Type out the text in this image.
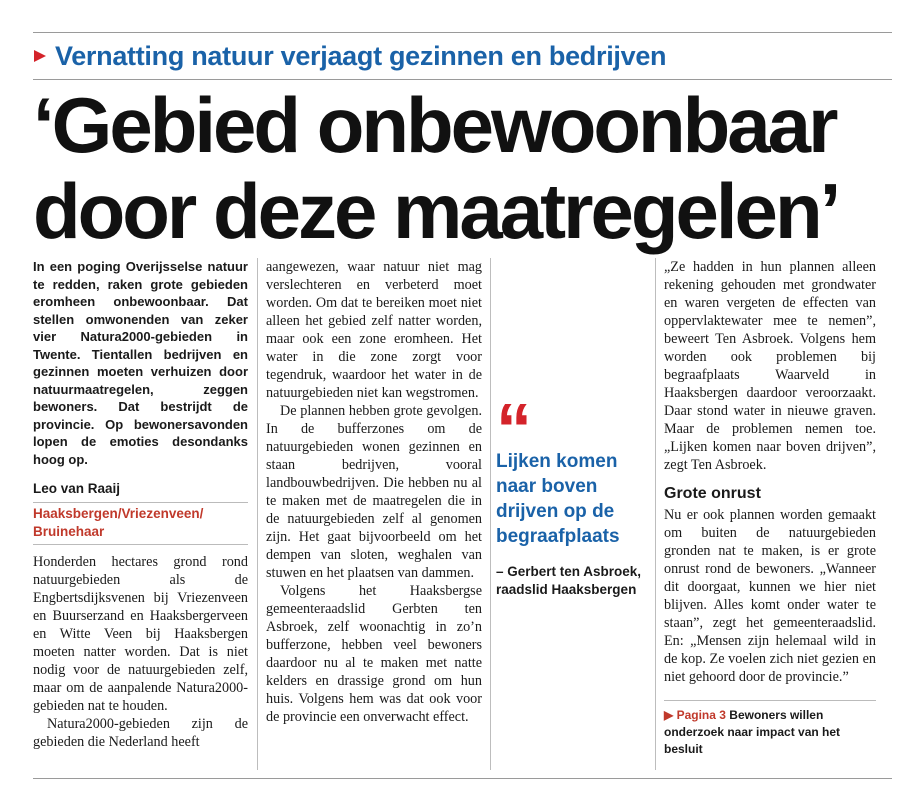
Vernatting natuur verjaagt gezinnen en bedrijven
‘Gebied onbewoonbaar
door deze maatregelen’

In een poging Overijsselse natuur te redden, raken grote gebieden eromheen onbewoonbaar. Dat stellen omwonenden van zeker vier Natura2000-gebieden in Twente. Tientallen bedrijven en gezinnen moeten verhuizen door natuurmaatregelen, zeggen bewoners. Dat bestrijdt de provincie. Op bewonersavonden lopen de emoties desondanks hoog op.

Leo van Raaij
Haaksbergen/Vriezenveen/ Bruinehaar

Honderden hectares grond rond natuurgebieden als de Engbertsdijksvenen bij Vriezenveen en Buurserzand en Haaksbergerveen en Witte Veen bij Haaksbergen moeten natter worden. Dat is niet nodig voor de natuurgebieden zelf, maar om de aanpalende Natura2000-gebieden nat te houden.

Natura2000-gebieden zijn de gebieden die Nederland heeft

aangewezen, waar natuur niet mag verslechteren en verbeterd moet worden. Om dat te bereiken moet niet alleen het gebied zelf natter worden, maar ook een zone eromheen. Het water in die zone zorgt voor tegendruk, waardoor het water in de natuurgebieden niet kan wegstromen.

De plannen hebben grote gevolgen. In de bufferzones om de natuurgebieden wonen gezinnen en staan bedrijven, vooral landbouwbedrijven. Die hebben nu al te maken met de maatregelen die in de natuurgebieden zelf al genomen zijn. Het gaat bijvoorbeeld om het dempen van sloten, weghalen van stuwen en het plaatsen van dammen.

Volgens het Haaksbergse gemeenteraadslid Gerbten ten Asbroek, zelf woonachtig in zo’n bufferzone, hebben veel bewoners daardoor nu al te maken met natte kelders en drassige grond om hun huis. Volgens hem was dat ook voor de provincie een onverwacht effect.

“

Lijken komen naar boven drijven op de begraafplaats

– Gerbert ten Asbroek, raadslid Haaksbergen

„Ze hadden in hun plannen alleen rekening gehouden met grondwater en waren vergeten de effecten van oppervlaktewater mee te nemen”, beweert Ten Asbroek. Volgens hem worden ook problemen bij begraafplaats Waarveld in Haaksbergen daardoor veroorzaakt. Daar stond water in nieuwe graven. Maar de problemen nemen toe. „Lijken komen naar boven drijven”, zegt Ten Asbroek.

Grote onrust

Nu er ook plannen worden gemaakt om buiten de natuurgebieden gronden nat te maken, is er grote onrust rond de bewoners. „Wanneer dit doorgaat, kunnen we hier niet blijven. Alles komt onder water te staan”, zegt het gemeenteraadslid. En: „Mensen zijn helemaal wild in de kop. Ze voelen zich niet gezien en niet gehoord door de provincie.”

▶ Pagina 3 Bewoners willen onderzoek naar impact van het besluit
